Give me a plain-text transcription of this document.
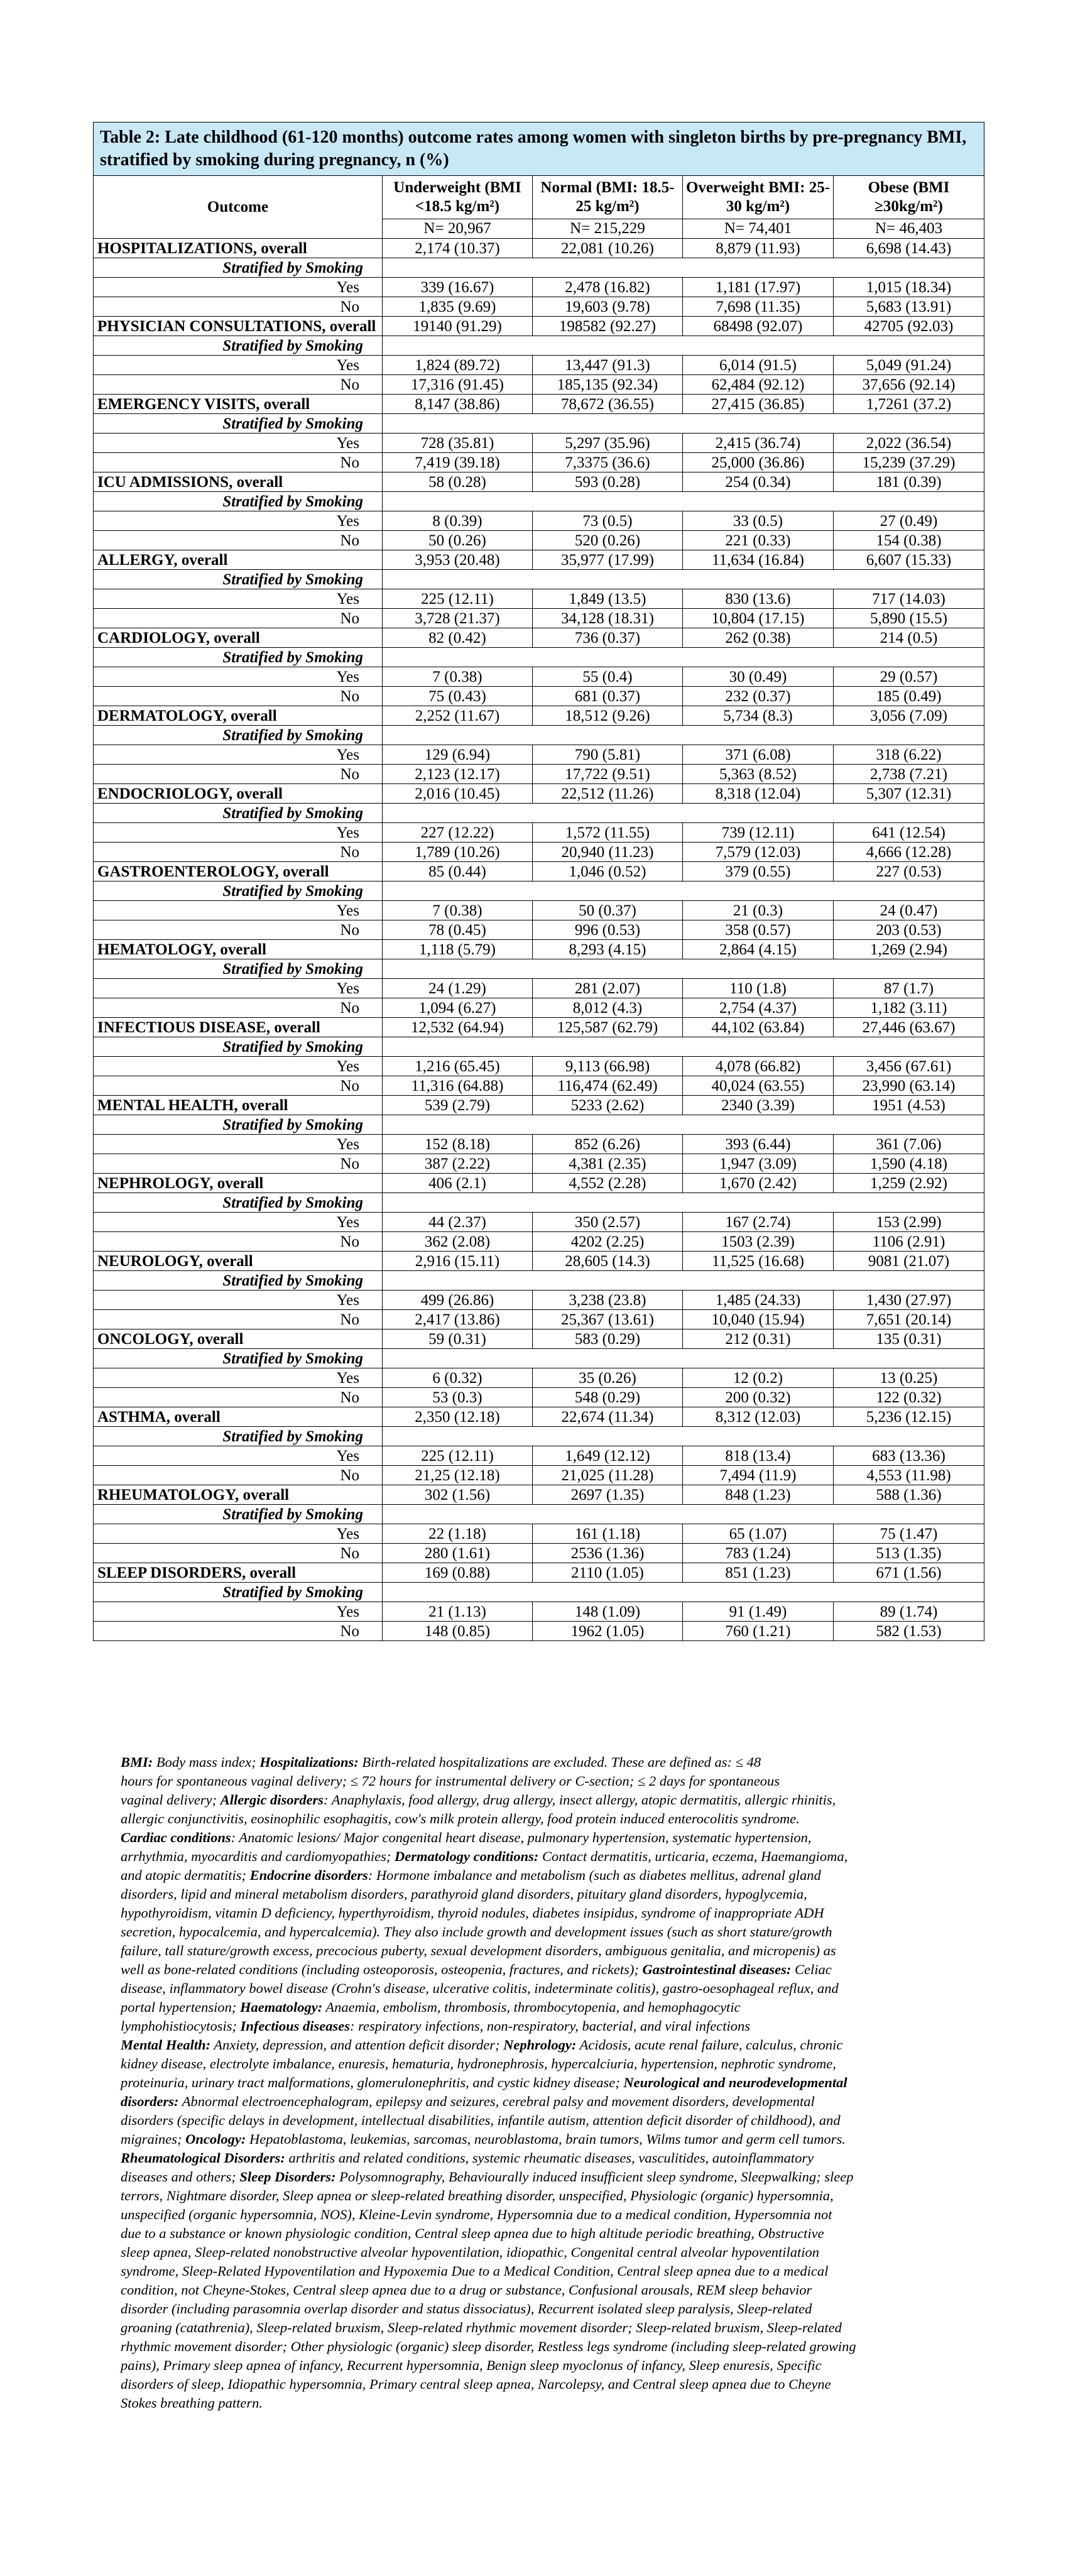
Table 2: Late childhood (61-120 months) outcome rates among women with singleton births by pre-pregnancy BMI, stratified by smoking during pregnancy, n (%)				
Outcome	Underweight (BMI <18.5 kg/m²)	Normal (BMI: 18.5-25 kg/m²)	Overweight BMI: 25-30 kg/m²)	Obese (BMI ≥30kg/m²)
	N= 20,967	N= 215,229	N= 74,401	N= 46,403
HOSPITALIZATIONS, overall	2,174 (10.37)	22,081 (10.26)	8,879 (11.93)	6,698 (14.43)
Stratified by Smoking				
Yes	339 (16.67)	2,478 (16.82)	1,181 (17.97)	1,015 (18.34)
No	1,835 (9.69)	19,603 (9.78)	7,698 (11.35)	5,683 (13.91)
PHYSICIAN CONSULTATIONS, overall	19140 (91.29)	198582 (92.27)	68498 (92.07)	42705 (92.03)
Stratified by Smoking				
Yes	1,824 (89.72)	13,447 (91.3)	6,014 (91.5)	5,049 (91.24)
No	17,316 (91.45)	185,135 (92.34)	62,484 (92.12)	37,656 (92.14)
EMERGENCY VISITS, overall	8,147 (38.86)	78,672 (36.55)	27,415 (36.85)	1,7261 (37.2)
Stratified by Smoking				
Yes	728 (35.81)	5,297 (35.96)	2,415 (36.74)	2,022 (36.54)
No	7,419 (39.18)	7,3375 (36.6)	25,000 (36.86)	15,239 (37.29)
ICU ADMISSIONS, overall	58 (0.28)	593 (0.28)	254 (0.34)	181 (0.39)
Stratified by Smoking				
Yes	8 (0.39)	73 (0.5)	33 (0.5)	27 (0.49)
No	50 (0.26)	520 (0.26)	221 (0.33)	154 (0.38)
ALLERGY, overall	3,953 (20.48)	35,977 (17.99)	11,634 (16.84)	6,607 (15.33)
Stratified by Smoking				
Yes	225 (12.11)	1,849 (13.5)	830 (13.6)	717 (14.03)
No	3,728 (21.37)	34,128 (18.31)	10,804 (17.15)	5,890 (15.5)
CARDIOLOGY, overall	82 (0.42)	736 (0.37)	262 (0.38)	214 (0.5)
Stratified by Smoking				
Yes	7 (0.38)	55 (0.4)	30 (0.49)	29 (0.57)
No	75 (0.43)	681 (0.37)	232 (0.37)	185 (0.49)
DERMATOLOGY, overall	2,252 (11.67)	18,512 (9.26)	5,734 (8.3)	3,056 (7.09)
Stratified by Smoking				
Yes	129 (6.94)	790 (5.81)	371 (6.08)	318 (6.22)
No	2,123 (12.17)	17,722 (9.51)	5,363 (8.52)	2,738 (7.21)
ENDOCRIOLOGY, overall	2,016 (10.45)	22,512 (11.26)	8,318 (12.04)	5,307 (12.31)
Stratified by Smoking				
Yes	227 (12.22)	1,572 (11.55)	739 (12.11)	641 (12.54)
No	1,789 (10.26)	20,940 (11.23)	7,579 (12.03)	4,666 (12.28)
GASTROENTEROLOGY, overall	85 (0.44)	1,046 (0.52)	379 (0.55)	227 (0.53)
Stratified by Smoking				
Yes	7 (0.38)	50 (0.37)	21 (0.3)	24 (0.47)
No	78 (0.45)	996 (0.53)	358 (0.57)	203 (0.53)
HEMATOLOGY, overall	1,118 (5.79)	8,293 (4.15)	2,864 (4.15)	1,269 (2.94)
Stratified by Smoking				
Yes	24 (1.29)	281 (2.07)	110 (1.8)	87 (1.7)
No	1,094 (6.27)	8,012 (4.3)	2,754 (4.37)	1,182 (3.11)
INFECTIOUS DISEASE, overall	12,532 (64.94)	125,587 (62.79)	44,102 (63.84)	27,446 (63.67)
Stratified by Smoking				
Yes	1,216 (65.45)	9,113 (66.98)	4,078 (66.82)	3,456 (67.61)
No	11,316 (64.88)	116,474 (62.49)	40,024 (63.55)	23,990 (63.14)
MENTAL HEALTH, overall	539 (2.79)	5233 (2.62)	2340 (3.39)	1951 (4.53)
Stratified by Smoking				
Yes	152 (8.18)	852 (6.26)	393 (6.44)	361 (7.06)
No	387 (2.22)	4,381 (2.35)	1,947 (3.09)	1,590 (4.18)
NEPHROLOGY, overall	406 (2.1)	4,552 (2.28)	1,670 (2.42)	1,259 (2.92)
Stratified by Smoking				
Yes	44 (2.37)	350 (2.57)	167 (2.74)	153 (2.99)
No	362 (2.08)	4202 (2.25)	1503 (2.39)	1106 (2.91)
NEUROLOGY, overall	2,916 (15.11)	28,605 (14.3)	11,525 (16.68)	9081 (21.07)
Stratified by Smoking				
Yes	499 (26.86)	3,238 (23.8)	1,485 (24.33)	1,430 (27.97)
No	2,417 (13.86)	25,367 (13.61)	10,040 (15.94)	7,651 (20.14)
ONCOLOGY, overall	59 (0.31)	583 (0.29)	212 (0.31)	135 (0.31)
Stratified by Smoking				
Yes	6 (0.32)	35 (0.26)	12 (0.2)	13 (0.25)
No	53 (0.3)	548 (0.29)	200 (0.32)	122 (0.32)
ASTHMA, overall	2,350 (12.18)	22,674 (11.34)	8,312 (12.03)	5,236 (12.15)
Stratified by Smoking				
Yes	225 (12.11)	1,649 (12.12)	818 (13.4)	683 (13.36)
No	21,25 (12.18)	21,025 (11.28)	7,494 (11.9)	4,553 (11.98)
RHEUMATOLOGY, overall	302 (1.56)	2697 (1.35)	848 (1.23)	588 (1.36)
Stratified by Smoking				
Yes	22 (1.18)	161 (1.18)	65 (1.07)	75 (1.47)
No	280 (1.61)	2536 (1.36)	783 (1.24)	513 (1.35)
SLEEP DISORDERS, overall	169 (0.88)	2110 (1.05)	851 (1.23)	671 (1.56)
Stratified by Smoking				
Yes	21 (1.13)	148 (1.09)	91 (1.49)	89 (1.74)
No	148 (0.85)	1962 (1.05)	760 (1.21)	582 (1.53)
BMI: Body mass index; Hospitalizations: Birth-related hospitalizations are excluded. These are defined as: ≤ 48
hours for spontaneous vaginal delivery; ≤ 72 hours for instrumental delivery or C-section; ≤ 2 days for spontaneous
vaginal delivery; Allergic disorders: Anaphylaxis, food allergy, drug allergy, insect allergy, atopic dermatitis, allergic rhinitis,
allergic conjunctivitis, eosinophilic esophagitis, cow's milk protein allergy, food protein induced enterocolitis syndrome.
Cardiac conditions: Anatomic lesions/ Major congenital heart disease, pulmonary hypertension, systematic hypertension,
arrhythmia, myocarditis and cardiomyopathies; Dermatology conditions: Contact dermatitis, urticaria, eczema, Haemangioma,
and atopic dermatitis; Endocrine disorders: Hormone imbalance and metabolism (such as diabetes mellitus, adrenal gland
disorders, lipid and mineral metabolism disorders, parathyroid gland disorders, pituitary gland disorders, hypoglycemia,
hypothyroidism, vitamin D deficiency, hyperthyroidism, thyroid nodules, diabetes insipidus, syndrome of inappropriate ADH
secretion, hypocalcemia, and hypercalcemia). They also include growth and development issues (such as short stature/growth
failure, tall stature/growth excess, precocious puberty, sexual development disorders, ambiguous genitalia, and micropenis) as
well as bone-related conditions (including osteoporosis, osteopenia, fractures, and rickets); Gastrointestinal diseases: Celiac
disease, inflammatory bowel disease (Crohn's disease, ulcerative colitis, indeterminate colitis), gastro-oesophageal reflux, and
portal hypertension; Haematology: Anaemia, embolism, thrombosis, thrombocytopenia, and hemophagocytic
lymphohistiocytosis; Infectious diseases: respiratory infections, non-respiratory, bacterial, and viral infections
Mental Health: Anxiety, depression, and attention deficit disorder; Nephrology: Acidosis, acute renal failure, calculus, chronic
kidney disease, electrolyte imbalance, enuresis, hematuria, hydronephrosis, hypercalciuria, hypertension, nephrotic syndrome,
proteinuria, urinary tract malformations, glomerulonephritis, and cystic kidney disease; Neurological and neurodevelopmental
disorders: Abnormal electroencephalogram, epilepsy and seizures, cerebral palsy and movement disorders, developmental
disorders (specific delays in development, intellectual disabilities, infantile autism, attention deficit disorder of childhood), and
migraines; Oncology: Hepatoblastoma, leukemias, sarcomas, neuroblastoma, brain tumors, Wilms tumor and germ cell tumors.
Rheumatological Disorders: arthritis and related conditions, systemic rheumatic diseases, vasculitides, autoinflammatory
diseases and others; Sleep Disorders: Polysomnography, Behaviourally induced insufficient sleep syndrome, Sleepwalking; sleep
terrors, Nightmare disorder, Sleep apnea or sleep-related breathing disorder, unspecified, Physiologic (organic) hypersomnia,
unspecified (organic hypersomnia, NOS), Kleine-Levin syndrome, Hypersomnia due to a medical condition, Hypersomnia not
due to a substance or known physiologic condition, Central sleep apnea due to high altitude periodic breathing, Obstructive
sleep apnea, Sleep-related nonobstructive alveolar hypoventilation, idiopathic, Congenital central alveolar hypoventilation
syndrome, Sleep-Related Hypoventilation and Hypoxemia Due to a Medical Condition, Central sleep apnea due to a medical
condition, not Cheyne-Stokes, Central sleep apnea due to a drug or substance, Confusional arousals, REM sleep behavior
disorder (including parasomnia overlap disorder and status dissociatus), Recurrent isolated sleep paralysis, Sleep-related
groaning (catathrenia), Sleep-related bruxism, Sleep-related rhythmic movement disorder; Sleep-related bruxism, Sleep-related
rhythmic movement disorder; Other physiologic (organic) sleep disorder, Restless legs syndrome (including sleep-related growing
pains), Primary sleep apnea of infancy, Recurrent hypersomnia, Benign sleep myoclonus of infancy, Sleep enuresis, Specific
disorders of sleep, Idiopathic hypersomnia, Primary central sleep apnea, Narcolepsy, and Central sleep apnea due to Cheyne
Stokes breathing pattern.
